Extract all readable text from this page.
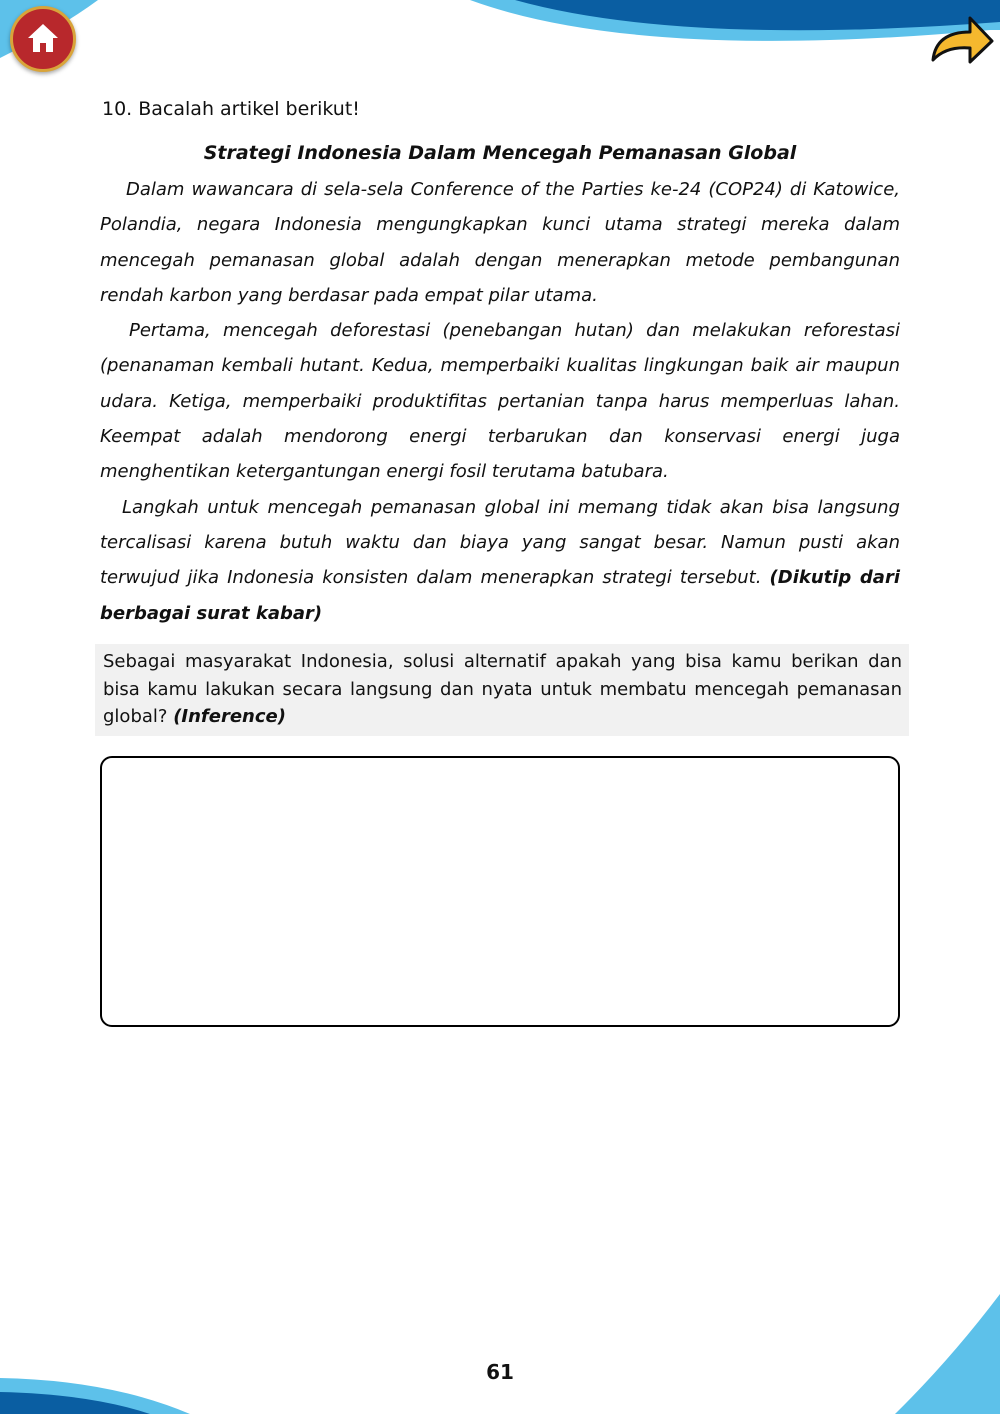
10. Bacalah artikel berikut!
Strategi Indonesia Dalam Mencegah Pemanasan Global

Dalam wawancara di sela-sela Conference of the Parties ke-24 (COP24) di Katowice, Polandia, negara Indonesia mengungkapkan kunci utama strategi mereka dalam mencegah pemanasan global adalah dengan menerapkan metode pembangunan rendah karbon yang berdasar pada empat pilar utama.

Pertama, mencegah deforestasi (penebangan hutan) dan melakukan reforestasi (penanaman kembali hutant. Kedua, memperbaiki kualitas lingkungan baik air maupun udara. Ketiga, memperbaiki produktifitas pertanian tanpa harus memperluas lahan. Keempat adalah mendorong energi terbarukan dan konservasi energi juga menghentikan ketergantungan energi fosil terutama batubara.

Langkah untuk mencegah pemanasan global ini memang tidak akan bisa langsung tercalisasi karena butuh waktu dan biaya yang sangat besar. Namun pusti akan terwujud jika Indonesia konsisten dalam menerapkan strategi tersebut. (Dikutip dari berbagai surat kabar)

Sebagai masyarakat Indonesia, solusi alternatif apakah yang bisa kamu berikan dan bisa kamu lakukan secara langsung dan nyata untuk membatu mencegah pemanasan global? (Inference)
61
